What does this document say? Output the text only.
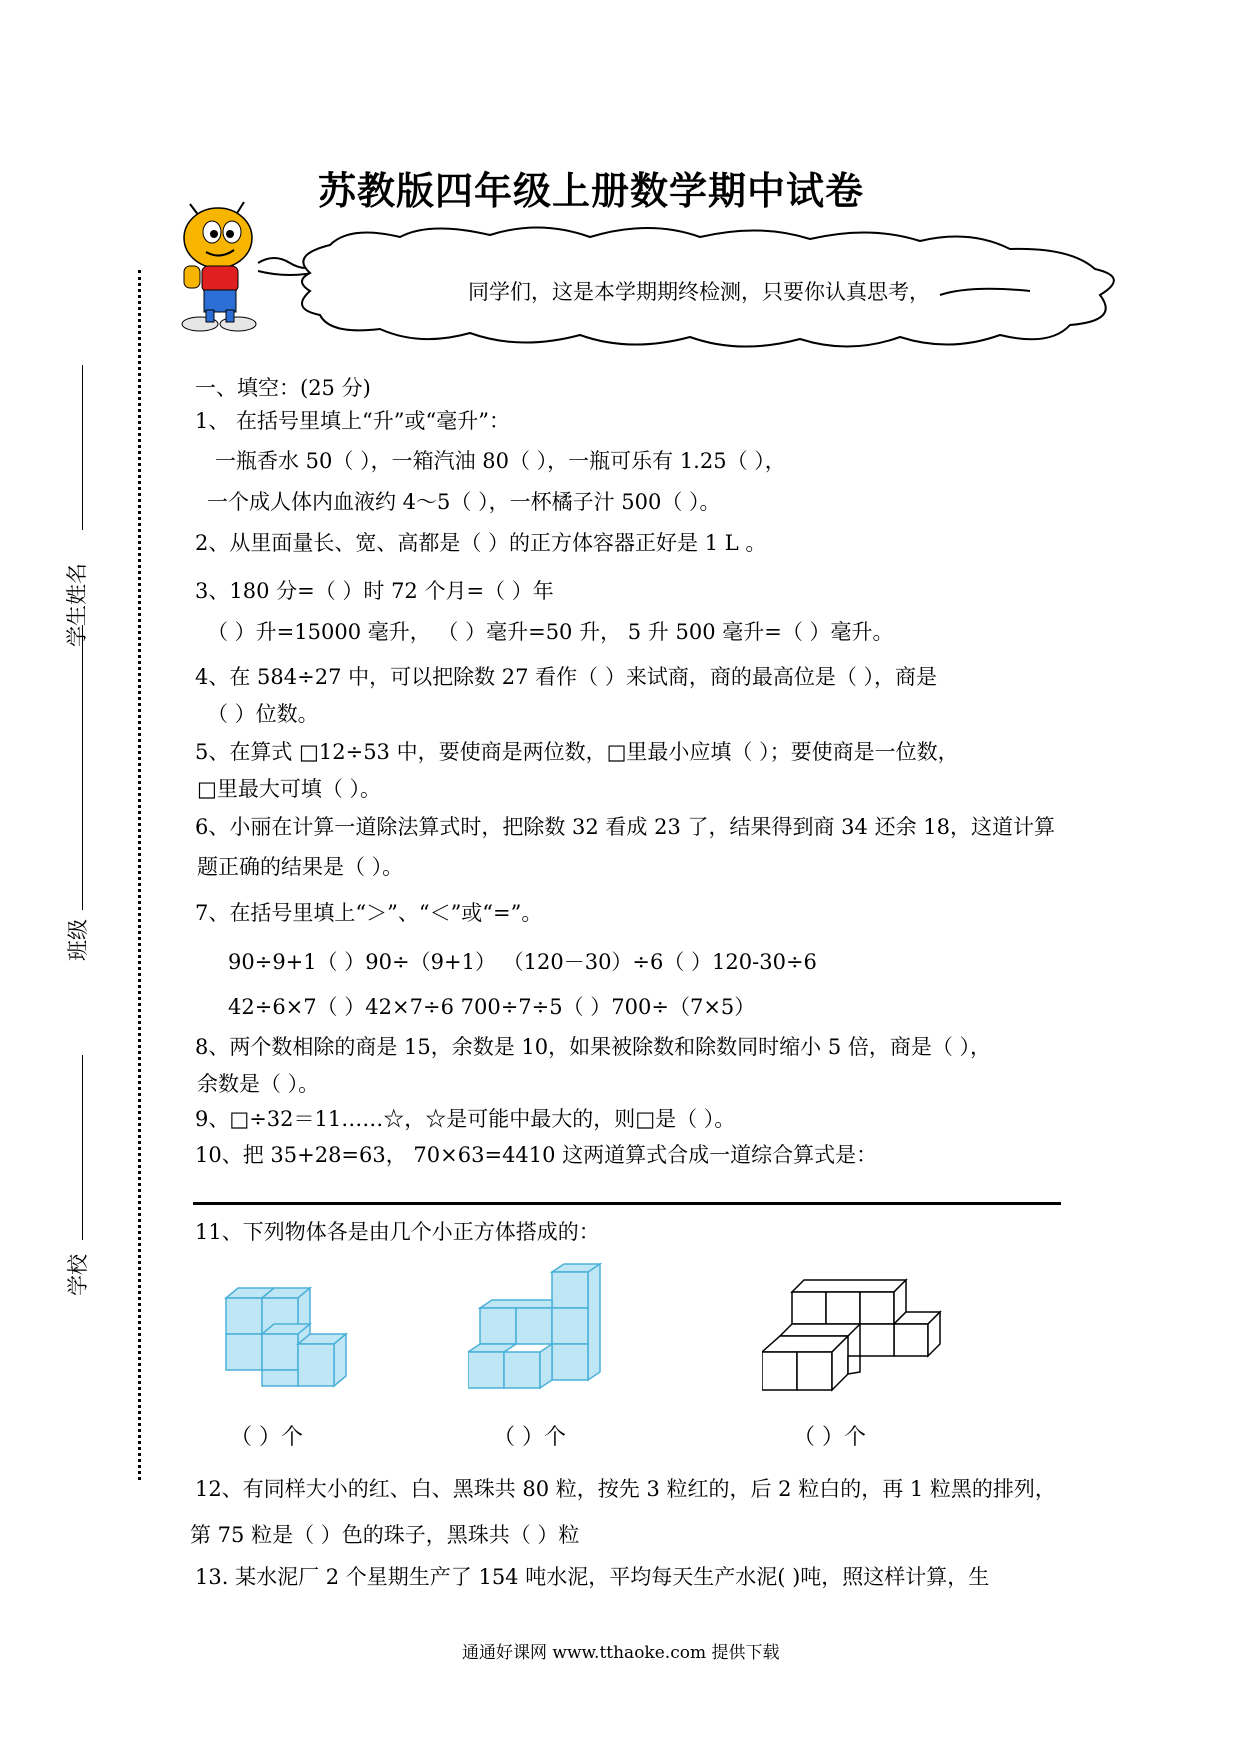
苏教版四年级上册数学期中试卷
同学们，这是本学期期终检测，只要你认真思考，
学生姓名
班级
学校
一、填空：(25 分)
1、 在括号里填上“升”或“毫升”：
一瓶香水 50（ ），一箱汽油 80（ ），一瓶可乐有 1.25（ ），
一个成人体内血液约 4～5（ ），一杯橘子汁 500（ ）。
2、从里面量长、宽、高都是（ ）的正方体容器正好是 1 L 。
3、180 分=（ ）时 72 个月=（ ）年
（ ）升=15000 毫升， （ ）毫升=50 升， 5 升 500 毫升=（ ）毫升。
4、在 584÷27 中，可以把除数 27 看作（ ）来试商，商的最高位是（ ），商是
（ ）位数。
5、在算式 □12÷53 中，要使商是两位数，□里最小应填（ ）；要使商是一位数，
□里最大可填（ ）。
6、小丽在计算一道除法算式时，把除数 32 看成 23 了，结果得到商 34 还余 18，这道计算
题正确的结果是（ ）。
7、在括号里填上“＞”、“＜”或“=”。
90÷9+1（ ）90÷（9+1） （120－30）÷6（ ）120-30÷6
42÷6×7（ ）42×7÷6 700÷7÷5（ ）700÷（7×5）
8、两个数相除的商是 15，余数是 10，如果被除数和除数同时缩小 5 倍，商是（ ），
余数是（ ）。
9、□÷32＝11……☆，☆是可能中最大的，则□是（ ）。
10、把 35+28=63， 70×63=4410 这两道算式合成一道综合算式是：
11、下列物体各是由几个小正方体搭成的：
（ ）个	（ ）个	（ ）个
12、有同样大小的红、白、黑珠共 80 粒，按先 3 粒红的，后 2 粒白的，再 1 粒黑的排列，
第 75 粒是（ ）色的珠子，黑珠共（ ）粒
13. 某水泥厂 2 个星期生产了 154 吨水泥，平均每天生产水泥( )吨，照这样计算，生
通通好课网 www.tthaoke.com 提供下载
